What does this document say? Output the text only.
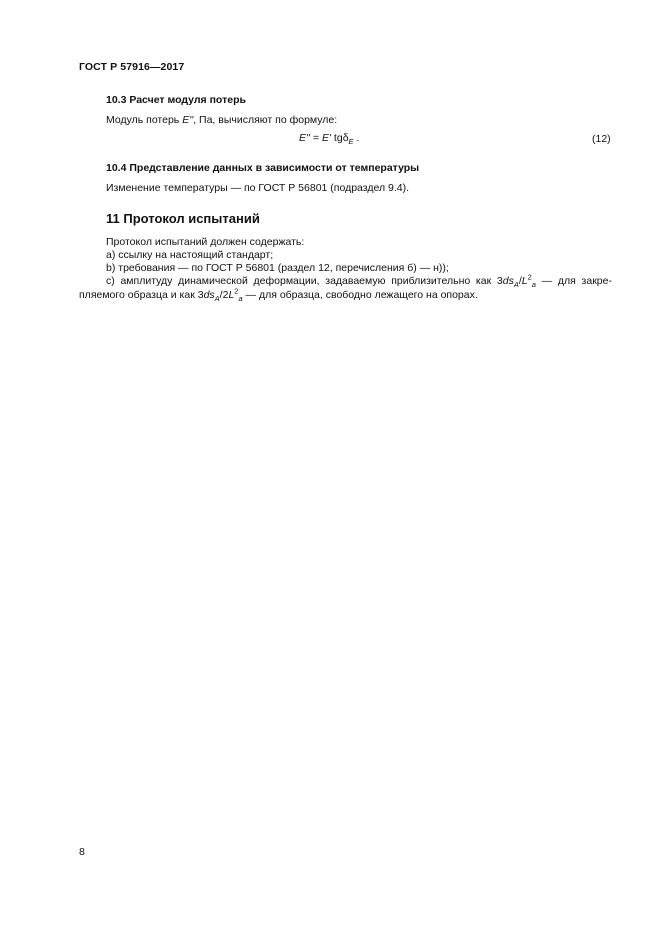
ГОСТ Р 57916—2017
10.3 Расчет модуля потерь
Модуль потерь E'', Па, вычисляют по формуле:
E'' = E' tgδ$_E$ .	(12)
10.4 Представление данных в зависимости от температуры
Изменение температуры — по ГОСТ Р 56801 (подраздел 9.4).
11 Протокол испытаний
Протокол испытаний должен содержать:
а) ссылку на настоящий стандарт;
b) требования — по ГОСТ Р 56801 (раздел 12, перечисления б) — н));
с) амплитуду динамической деформации, задаваемую приблизительно как $3ds_A/L^2_a$ — для закре-
пляемого образца и как $3ds_A/2L^2_a$ — для образца, свободно лежащего на опорах.
8
